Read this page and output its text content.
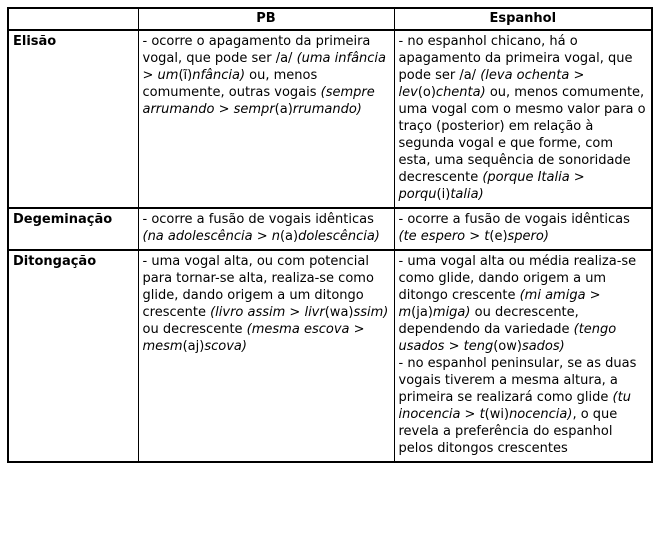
	PB	Espanhol
Elisão	- ocorre o apagamento da primeira vogal, que pode ser /a/ (uma infância > um(ĩ)nfância) ou, menos comumente, outras vogais (sempre arrumando > sempr(a)rrumando)	- no espanhol chicano, há o apagamento da primeira vogal, que pode ser /a/ (leva ochenta > lev(o)chenta) ou, menos comumente, uma vogal com o mesmo valor para o traço (posterior) em relação à segunda vogal e que forme, com esta, uma sequência de sonoridade decrescente (porque Italia > porqu(i)talia)

Degeminação	- ocorre a fusão de vogais idênticas (na adolescência > n(a)dolescência)	- ocorre a fusão de vogais idênticas (te espero > t(e)spero)

Ditongação	- uma vogal alta, ou com potencial para tornar-se alta, realiza-se como glide, dando origem a um ditongo crescente (livro assim > livr(wa)ssim) ou decrescente (mesma escova > mesm(aj)scova)	- uma vogal alta ou média realiza-se como glide, dando origem a um ditongo crescente (mi amiga > m(ja)miga) ou decrescente, dependendo da variedade (tengo usados > teng(ow)sados)
- no espanhol peninsular, se as duas vogais tiverem a mesma altura, a primeira se realizará como glide (tu inocencia > t(wi)nocencia), o que revela a preferência do espanhol pelos ditongos crescentes
